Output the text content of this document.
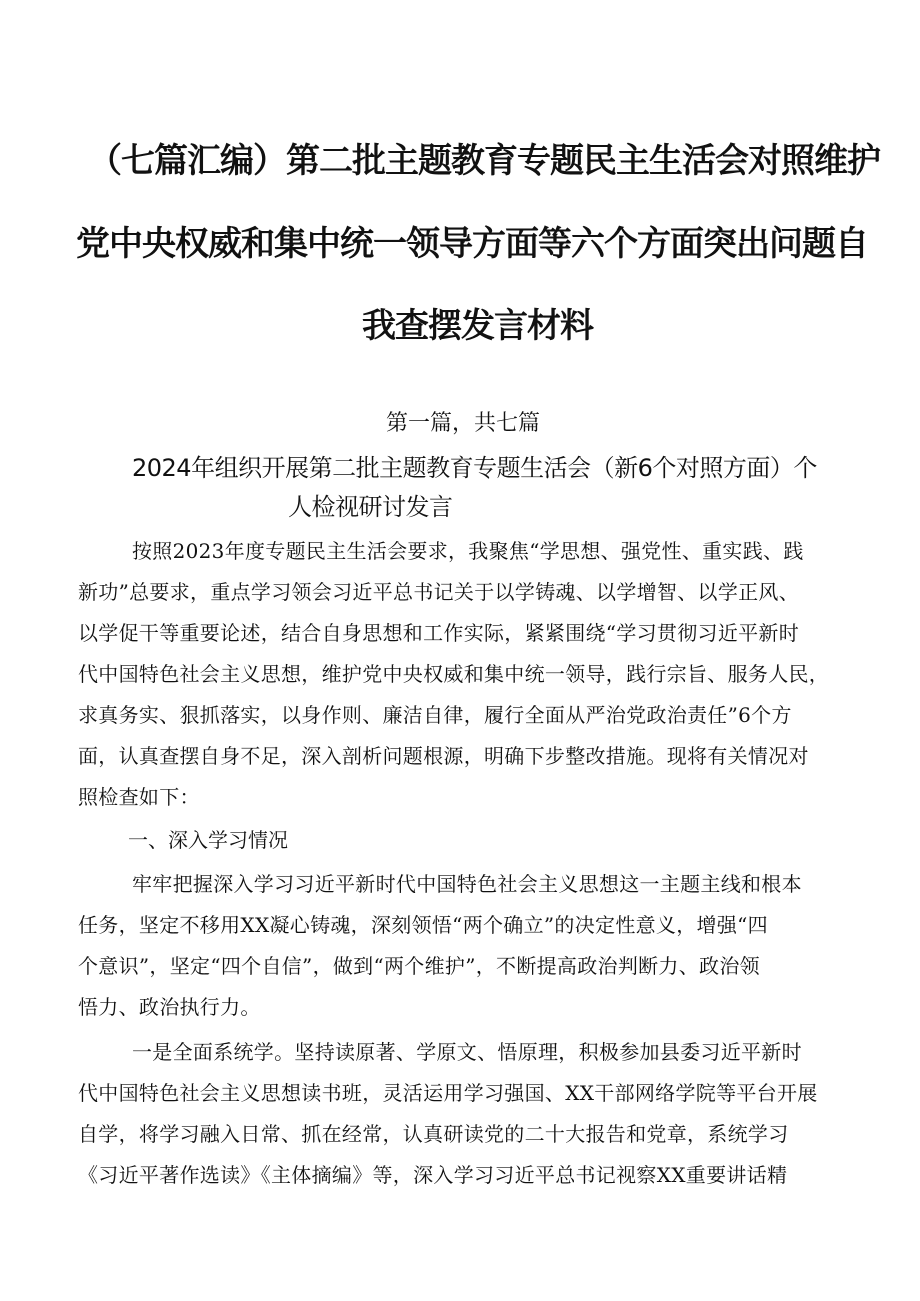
（七篇汇编）第二批主题教育专题民主生活会对照维护
党中央权威和集中统一领导方面等六个方面突出问题自
我查摆发言材料
第一篇，共七篇
2024年组织开展第二批主题教育专题生活会（新6个对照方面）个
人检视研讨发言
按照2023年度专题民主生活会要求，我聚焦“学思想、强党性、重实践、践
新功”总要求，重点学习领会习近平总书记关于以学铸魂、以学增智、以学正风、
以学促干等重要论述，结合自身思想和工作实际，紧紧围绕“学习贯彻习近平新时
代中国特色社会主义思想，维护党中央权威和集中统一领导，践行宗旨、服务人民，
求真务实、狠抓落实，以身作则、廉洁自律，履行全面从严治党政治责任”6个方
面，认真查摆自身不足，深入剖析问题根源，明确下步整改措施。现将有关情况对
照检查如下：
一、深入学习情况
牢牢把握深入学习习近平新时代中国特色社会主义思想这一主题主线和根本
任务，坚定不移用XX凝心铸魂，深刻领悟“两个确立”的决定性意义，增强“四
个意识”，坚定“四个自信”，做到“两个维护”，不断提高政治判断力、政治领
悟力、政治执行力。
一是全面系统学。坚持读原著、学原文、悟原理，积极参加县委习近平新时
代中国特色社会主义思想读书班，灵活运用学习强国、XX干部网络学院等平台开展
自学，将学习融入日常、抓在经常，认真研读党的二十大报告和党章，系统学习
《习近平著作选读》《主体摘编》等，深入学习习近平总书记视察XX重要讲话精
